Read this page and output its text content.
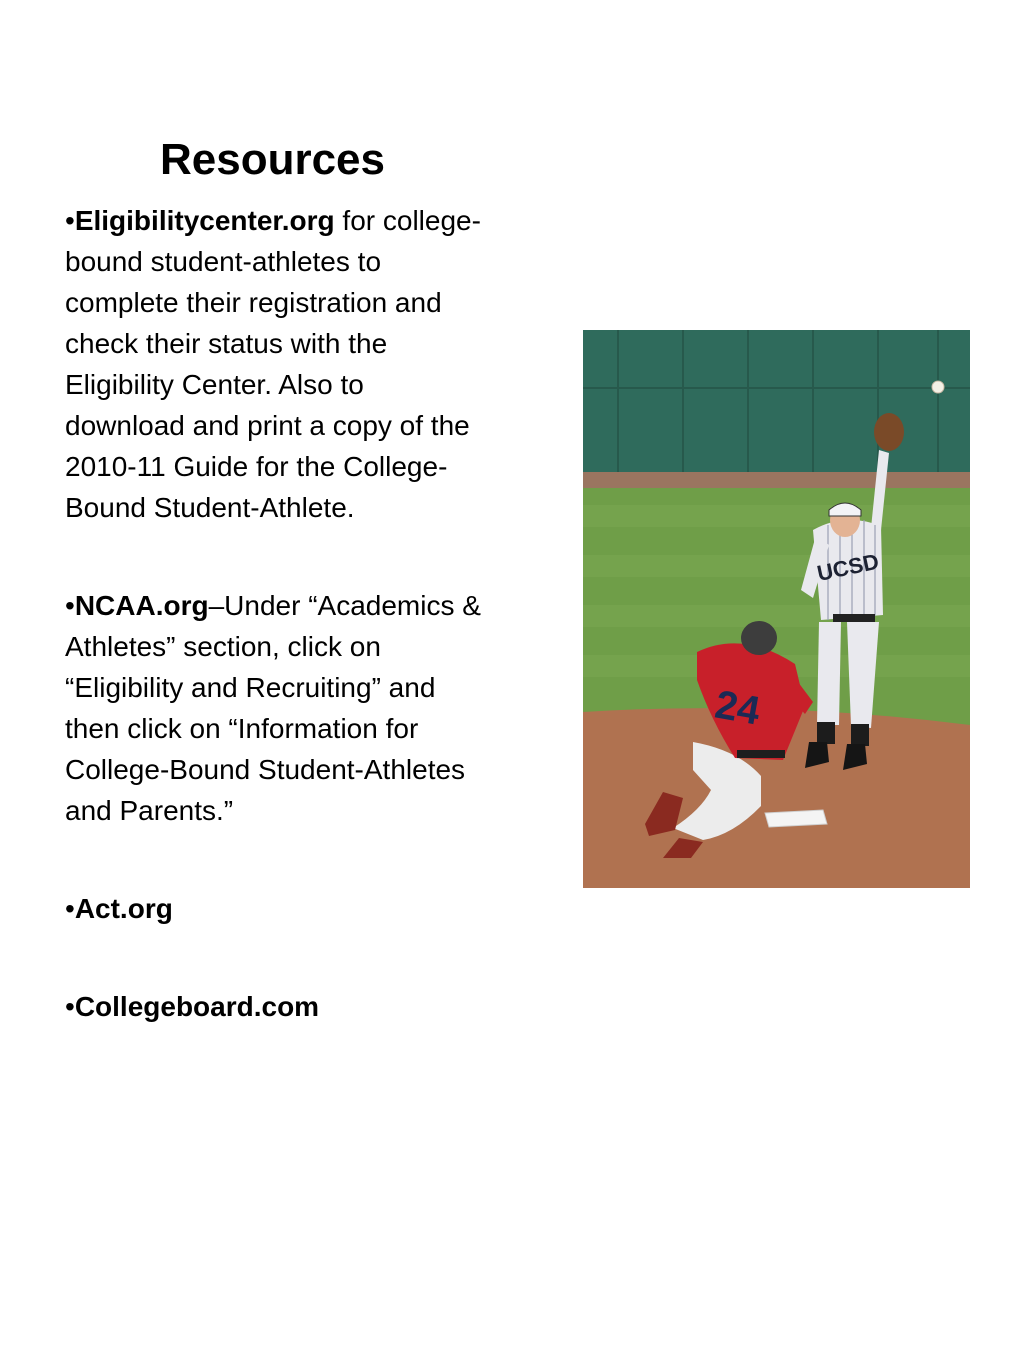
Resources
•Eligibilitycenter.org for college-bound student-athletes to complete their registration and check their status with the Eligibility Center. Also to download and print a copy of the 2010-11 Guide for the College-Bound Student-Athlete.
•NCAA.org–Under “Academics & Athletes” section, click on “Eligibility and Recruiting” and then click on “Information for College-Bound Student-Athletes and Parents.”
•Act.org
•Collegeboard.com
UCSD
24
